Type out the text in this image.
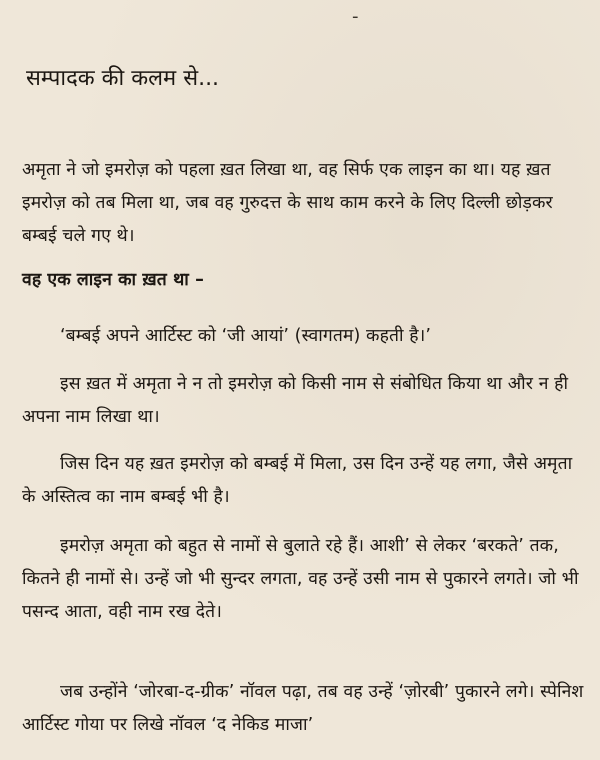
-
सम्पादक की कलम से...

अमृता ने जो इमरोज़ को पहला ख़त लिखा था, वह सिर्फ एक लाइन का था। यह ख़त इमरोज़ को तब मिला था, जब वह गुरुदत्त के साथ काम करने के लिए दिल्ली छोड़कर बम्बई चले गए थे।

वह एक लाइन का ख़त था –

‘बम्बई अपने आर्टिस्ट को ‘जी आयां’ (स्वागतम) कहती है।’

इस ख़त में अमृता ने न तो इमरोज़ को किसी नाम से संबोधित किया था और न ही अपना नाम लिखा था।

जिस दिन यह ख़त इमरोज़ को बम्बई में मिला, उस दिन उन्हें यह लगा, जैसे अमृता के अस्तित्व का नाम बम्बई भी है।

इमरोज़ अमृता को बहुत से नामों से बुलाते रहे हैं। आशी’ से लेकर ‘बरकते’ तक, कितने ही नामों से। उन्हें जो भी सुन्दर लगता, वह उन्हें उसी नाम से पुकारने लगते। जो भी पसन्द आता, वही नाम रख देते।

जब उन्होंने ‘जोरबा-द-ग्रीक’ नॉवल पढ़ा, तब वह उन्हें ‘ज़ोरबी’ पुकारने लगे। स्पेनिश आर्टिस्ट गोया पर लिखे नॉवल ‘द नेकिड माजा’
